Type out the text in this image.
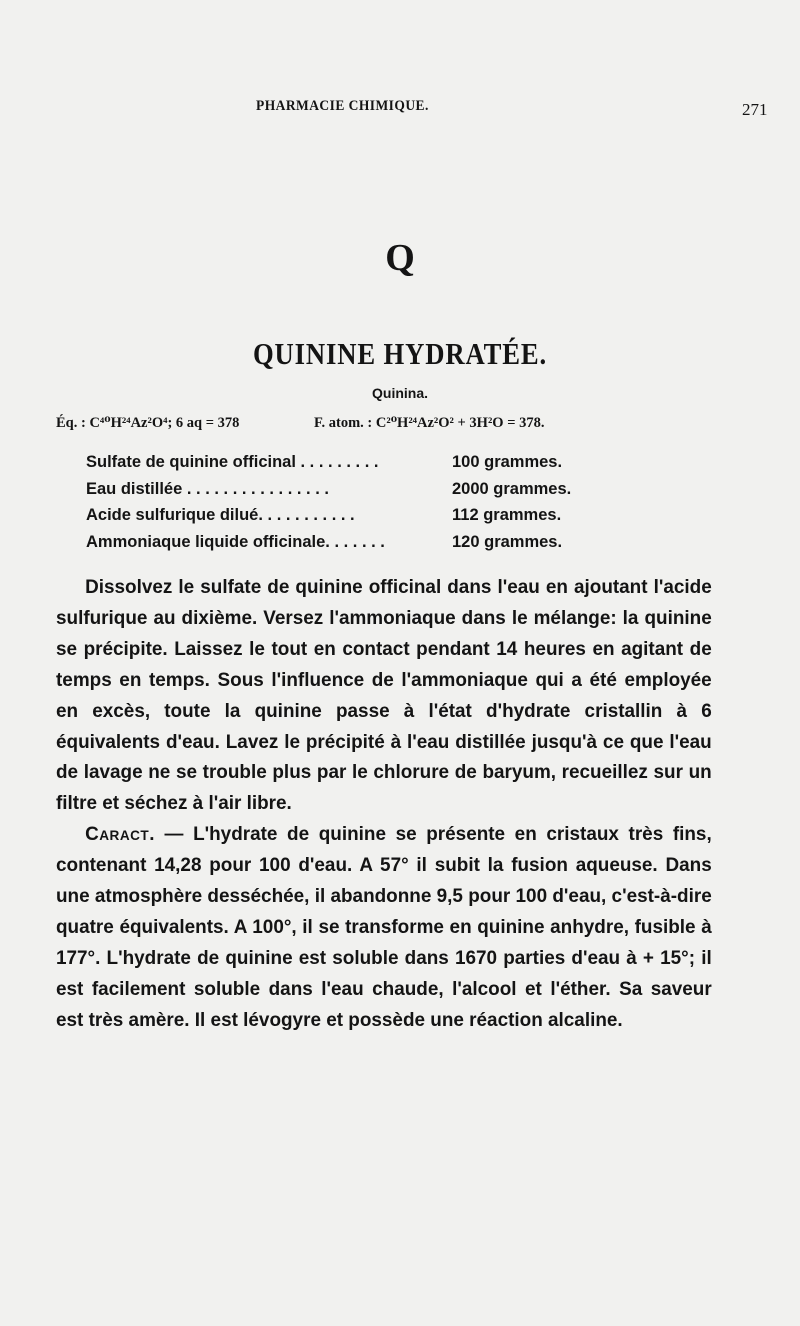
PHARMACIE CHIMIQUE.	271
Q
QUININE HYDRATÉE.
Quinina.
Éq. : C⁴⁰H²⁴Az²O⁴; 6 aq = 378	F. atom. : C²⁰H²⁴Az²O² + 3H²O = 378.
Sulfate de quinine officinal . . . . . . . . .	100 grammes.
Eau distillée . . . . . . . . . . . . . . . .	2000 grammes.
Acide sulfurique dilué. . . . . . . . . . .	112 grammes.
Ammoniaque liquide officinale. . . . . . .	120 grammes.

Dissolvez le sulfate de quinine officinal dans l'eau en ajoutant l'acide sulfurique au dixième. Versez l'ammoniaque dans le mélange: la quinine se précipite. Laissez le tout en contact pendant 14 heures en agitant de temps en temps. Sous l'influence de l'ammoniaque qui a été employée en excès, toute la quinine passe à l'état d'hydrate cristallin à 6 équivalents d'eau. Lavez le précipité à l'eau distillée jusqu'à ce que l'eau de lavage ne se trouble plus par le chlorure de baryum, recueillez sur un filtre et séchez à l'air libre.

Caract. — L'hydrate de quinine se présente en cristaux très fins, contenant 14,28 pour 100 d'eau. A 57° il subit la fusion aqueuse. Dans une atmosphère desséchée, il abandonne 9,5 pour 100 d'eau, c'est-à-dire quatre équivalents. A 100°, il se transforme en quinine anhydre, fusible à 177°. L'hydrate de quinine est soluble dans 1670 parties d'eau à + 15°; il est facilement soluble dans l'eau chaude, l'alcool et l'éther. Sa saveur est très amère. Il est lévogyre et possède une réaction alcaline.
